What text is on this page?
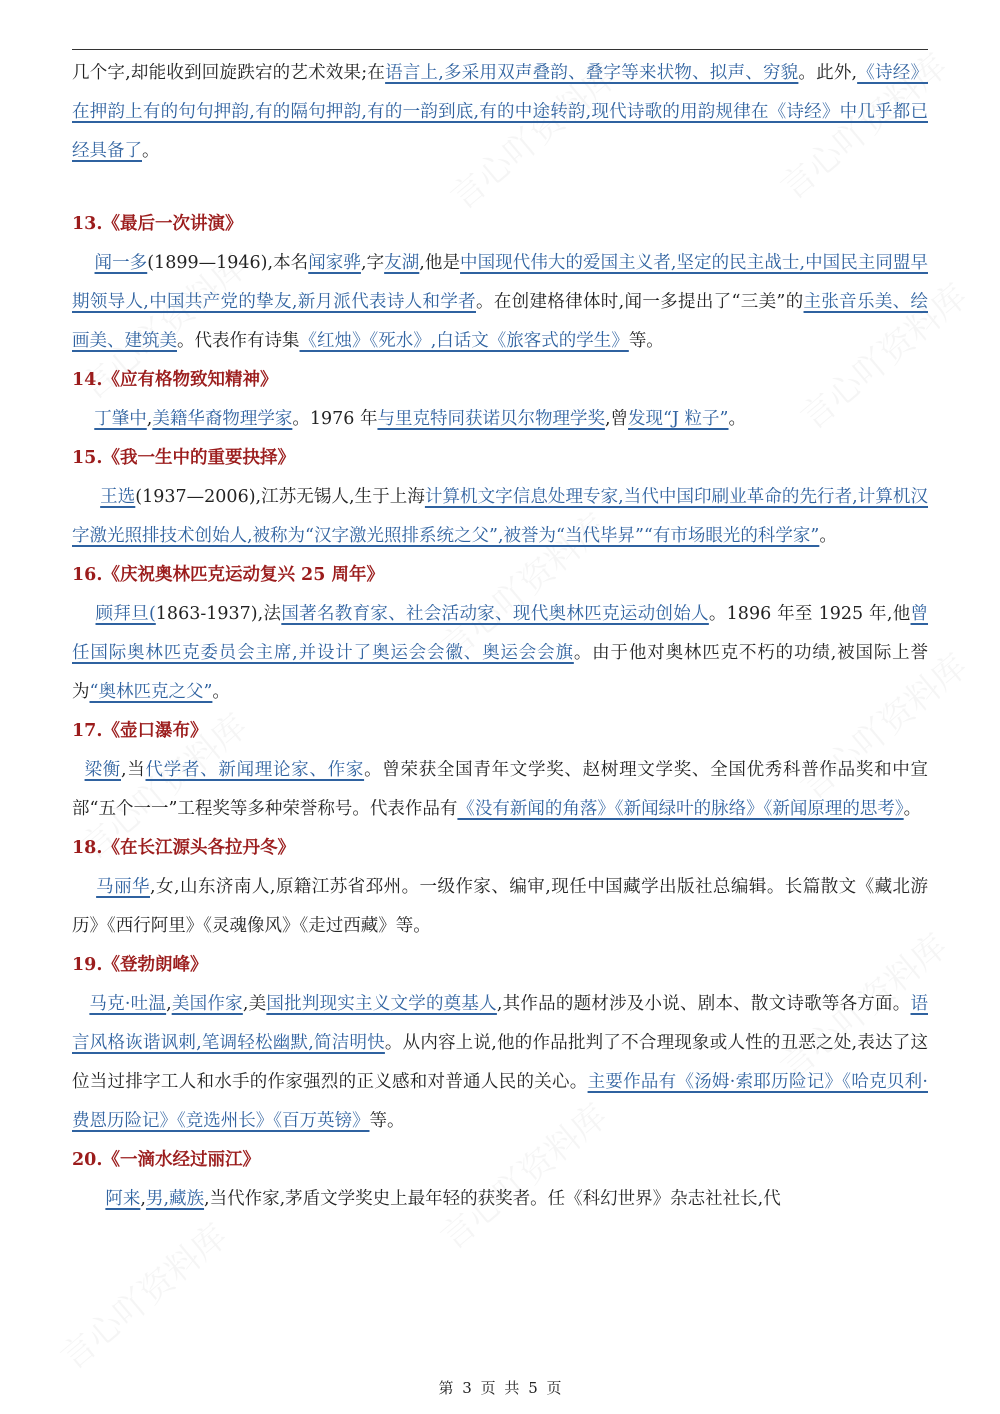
几个字,却能收到回旋跌宕的艺术效果;在语言上,多采用双声叠韵、叠字等来状物、拟声、穷貌。此外,《诗经》在押韵上有的句句押韵,有的隔句押韵,有的一韵到底,有的中途转韵,现代诗歌的用韵规律在《诗经》中几乎都已经具备了。

13.《最后一次讲演》

闻一多(1899—1946),本名闻家骅,字友湖,他是中国现代伟大的爱国主义者,坚定的民主战士,中国民主同盟早期领导人,中国共产党的挚友,新月派代表诗人和学者。在创建格律体时,闻一多提出了“三美”的主张音乐美、绘画美、建筑美。代表作有诗集《红烛》《死水》,白话文《旅客式的学生》等。

14.《应有格物致知精神》

丁肇中,美籍华裔物理学家。1976 年与里克特同获诺贝尔物理学奖,曾发现“J 粒子”。

15.《我一生中的重要抉择》

王选(1937—2006),江苏无锡人,生于上海计算机文字信息处理专家,当代中国印刷业革命的先行者,计算机汉字激光照排技术创始人,被称为“汉字激光照排系统之父”,被誉为“当代毕昇”“有市场眼光的科学家”。

16.《庆祝奥林匹克运动复兴 25 周年》

顾拜旦(1863-1937),法国著名教育家、社会活动家、现代奥林匹克运动创始人。1896 年至 1925 年,他曾任国际奥林匹克委员会主席,并设计了奥运会会徽、奥运会会旗。由于他对奥林匹克不朽的功绩,被国际上誉为“奥林匹克之父”。

17.《壶口瀑布》

梁衡,当代学者、新闻理论家、作家。曾荣获全国青年文学奖、赵树理文学奖、全国优秀科普作品奖和中宣部“五个一一”工程奖等多种荣誉称号。代表作品有《没有新闻的角落》《新闻绿叶的脉络》《新闻原理的思考》。

18.《在长江源头各拉丹冬》

马丽华,女,山东济南人,原籍江苏省邳州。一级作家、编审,现任中国藏学出版社总编辑。长篇散文《藏北游历》《西行阿里》《灵魂像风》《走过西藏》等。

19.《登勃朗峰》

马克·吐温,美国作家,美国批判现实主义文学的奠基人,其作品的题材涉及小说、剧本、散文诗歌等各方面。语言风格诙谐讽刺,笔调轻松幽默,简洁明快。从内容上说,他的作品批判了不合理现象或人性的丑恶之处,表达了这位当过排字工人和水手的作家强烈的正义感和对普通人民的关心。主要作品有《汤姆·索耶历险记》《哈克贝利·费恩历险记》《竞选州长》《百万英镑》等。

20.《一滴水经过丽江》

阿来,男,藏族,当代作家,茅盾文学奖史上最年轻的获奖者。任《科幻世界》杂志社社长,代

第 3 页 共 5 页
